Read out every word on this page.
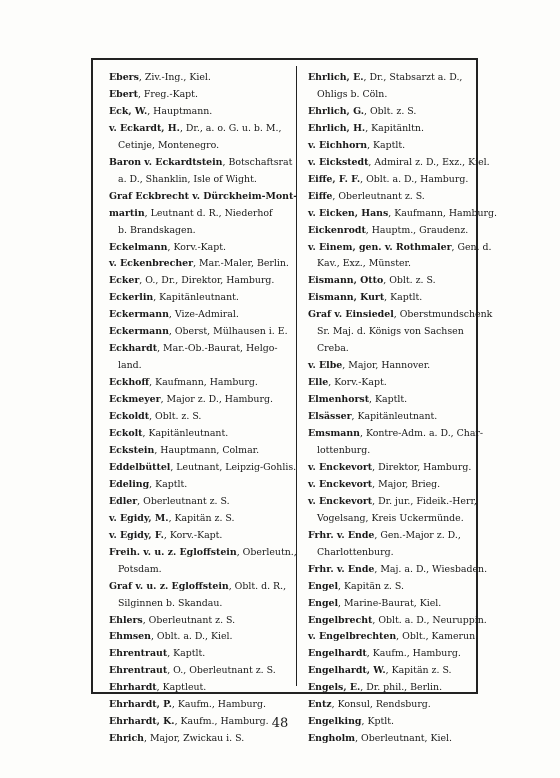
Ebers, Ziv.-Ing., Kiel.
Ebert, Freg.-Kapt.
Eck, W., Hauptmann.
v. Eckardt, H., Dr., a. o. G. u. b. M.,
Cetinje, Montenegro.
Baron v. Eckardtstein, Botschaftsrat
a. D., Shanklin, Isle of Wight.
Graf Eckbrecht v. Dürckheim-Mont-
martin, Leutnant d. R., Niederhof
b. Brandskagen.
Eckelmann, Korv.-Kapt.
v. Eckenbrecher, Mar.-Maler, Berlin.
Ecker, O., Dr., Direktor, Hamburg.
Eckerlin, Kapitänleutnant.
Eckermann, Vize-Admiral.
Eckermann, Oberst, Mülhausen i. E.
Eckhardt, Mar.-Ob.-Baurat, Helgo-
land.
Eckhoff, Kaufmann, Hamburg.
Eckmeyer, Major z. D., Hamburg.
Eckoldt, Oblt. z. S.
Eckolt, Kapitänleutnant.
Eckstein, Hauptmann, Colmar.
Eddelbüttel, Leutnant, Leipzig-Gohlis.
Edeling, Kaptlt.
Edler, Oberleutnant z. S.
v. Egidy, M., Kapitän z. S.
v. Egidy, F., Korv.-Kapt.
Freih. v. u. z. Egloffstein, Oberleutn.,
Potsdam.
Graf v. u. z. Egloffstein, Oblt. d. R.,
Silginnen b. Skandau.
Ehlers, Oberleutnant z. S.
Ehmsen, Oblt. a. D., Kiel.
Ehrentraut, Kaptlt.
Ehrentraut, O., Oberleutnant z. S.
Ehrhardt, Kaptleut.
Ehrhardt, P., Kaufm., Hamburg.
Ehrhardt, K., Kaufm., Hamburg.
Ehrich, Major, Zwickau i. S.
Ehrlich, E., Dr., Stabsarzt a. D.,
Ohligs b. Cöln.
Ehrlich, G., Oblt. z. S.
Ehrlich, H., Kapitänltn.
v. Eichhorn, Kaptlt.
v. Eickstedt, Admiral z. D., Exz., Kiel.
Eiffe, F. F., Oblt. a. D., Hamburg.
Eiffe, Oberleutnant z. S.
v. Eicken, Hans, Kaufmann, Hamburg.
Eickenrodt, Hauptm., Graudenz.
v. Einem, gen. v. Rothmaler, Gen. d.
Kav., Exz., Münster.
Eismann, Otto, Oblt. z. S.
Eismann, Kurt, Kaptlt.
Graf v. Einsiedel, Oberstmundschenk
Sr. Maj. d. Königs von Sachsen
Creba.
v. Elbe, Major, Hannover.
Elle, Korv.-Kapt.
Elmenhorst, Kaptlt.
Elsässer, Kapitänleutnant.
Emsmann, Kontre-Adm. a. D., Char-
lottenburg.
v. Enckevort, Direktor, Hamburg.
v. Enckevort, Major, Brieg.
v. Enckevort, Dr. jur., Fideik.-Herr,
Vogelsang, Kreis Uckermünde.
Frhr. v. Ende, Gen.-Major z. D.,
Charlottenburg.
Frhr. v. Ende, Maj. a. D., Wiesbaden.
Engel, Kapitän z. S.
Engel, Marine-Baurat, Kiel.
Engelbrecht, Oblt. a. D., Neuruppin.
v. Engelbrechten, Oblt., Kamerun.
Engelhardt, Kaufm., Hamburg.
Engelhardt, W., Kapitän z. S.
Engels, E., Dr. phil., Berlin.
Entz, Konsul, Rendsburg.
Engelking, Kptlt.
Engholm, Oberleutnant, Kiel.
48
